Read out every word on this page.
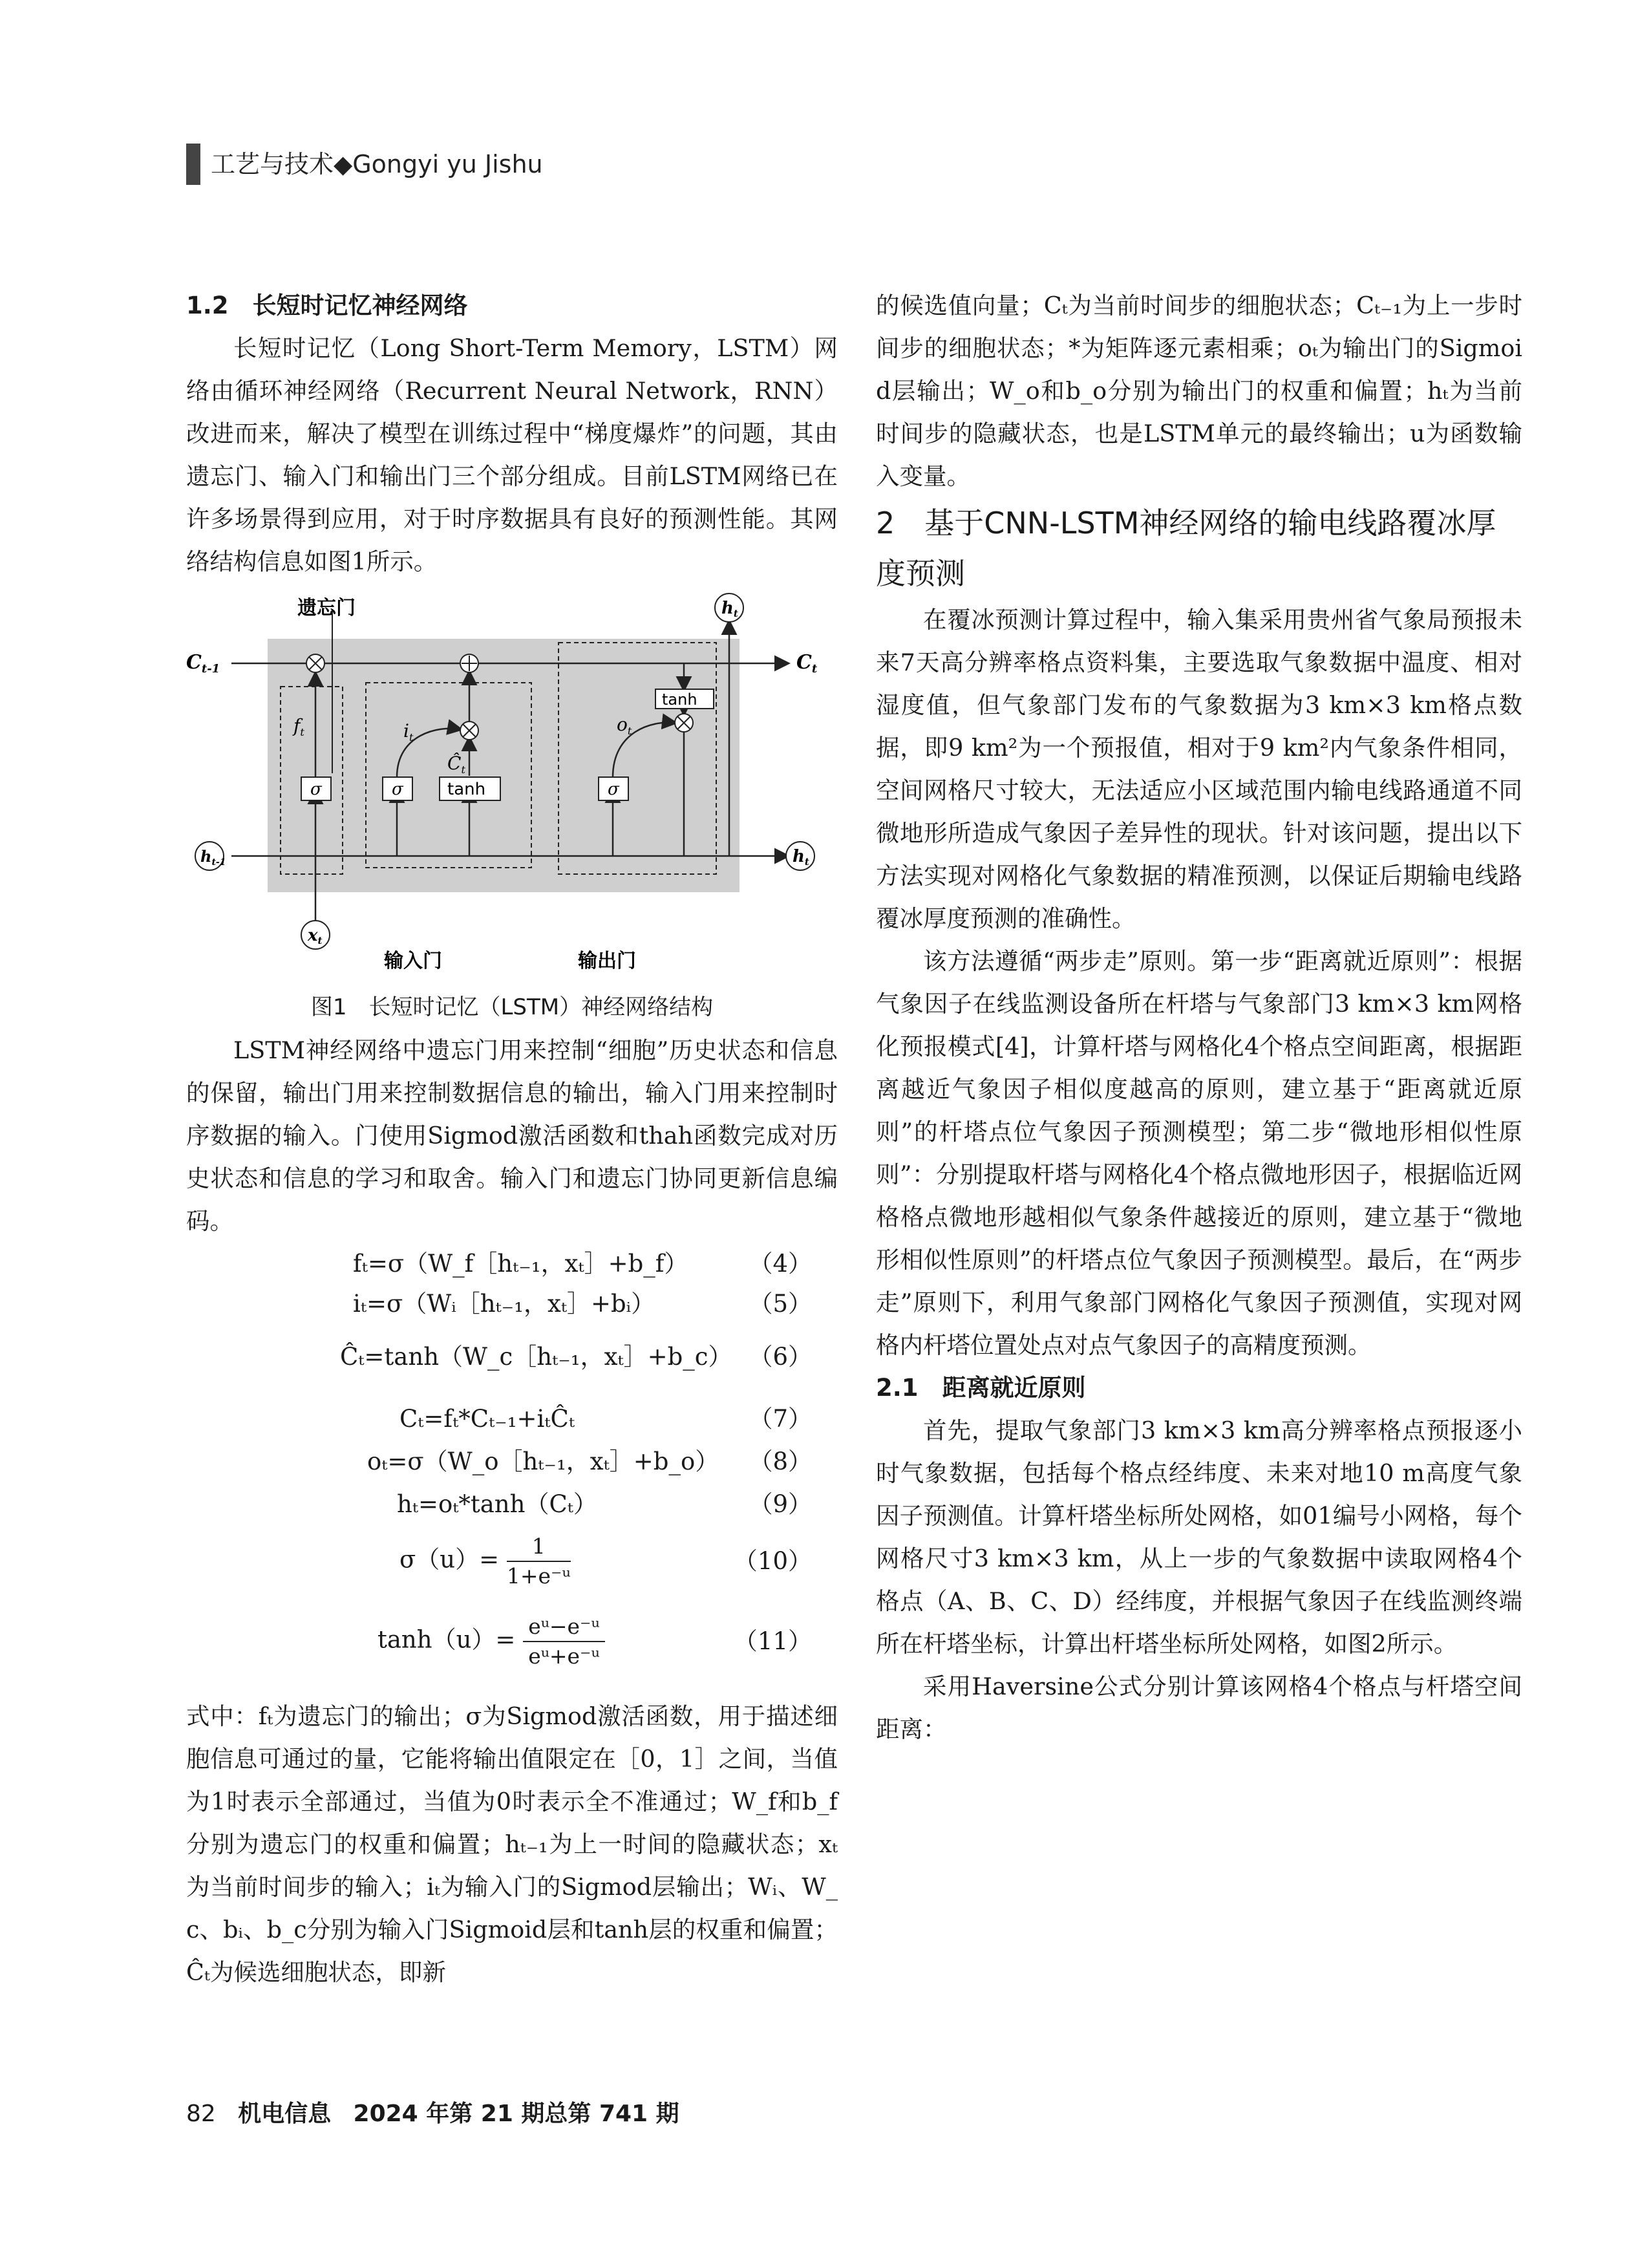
工艺与技术◆Gongyi yu Jishu
1.2　长短时记忆神经网络

长短时记忆（Long Short-Term Memory，LSTM）网络由循环神经网络（Recurrent Neural Network，RNN）改进而来，解决了模型在训练过程中“梯度爆炸”的问题，其由遗忘门、输入门和输出门三个部分组成。目前LSTM网络已在许多场景得到应用，对于时序数据具有良好的预测性能。其网络结构信息如图1所示。

遗忘门
输入门	输出门
$C_{t-1}$	$C_t$
$h_{t-1}$	ht
ht
xt
$f_t$	$i_t$
$o_t$
$Ĉ_t$
σ	σ	σ
tanh
tanh
图1　长短时记忆（LSTM）神经网络结构

LSTM神经网络中遗忘门用来控制“细胞”历史状态和信息的保留，输出门用来控制数据信息的输出，输入门用来控制时序数据的输入。门使用Sigmod激活函数和thah函数完成对历史状态和信息的学习和取舍。输入门和遗忘门协同更新信息编码。

fₜ=σ（W_f［hₜ₋₁，xₜ］+b_f）	（4）
iₜ=σ（Wᵢ［hₜ₋₁，xₜ］+bᵢ）	（5）
Ĉₜ=tanh（W_c［hₜ₋₁，xₜ］+b_c） （6）
Cₜ=fₜ*Cₜ₋₁+iₜĈₜ	（7）
oₜ=σ（W_o［hₜ₋₁，xₜ］+b_o） （8）
hₜ=oₜ*tanh（Cₜ）	（9）
$\sigma(u)= \frac{1}{\text{1+e⁻ᵘ}}$	（10）
$\tanh(u)= \frac{\text{eᵘ−e⁻ᵘ}}{\text{eᵘ+e⁻ᵘ}}$	（11）

式中：fₜ为遗忘门的输出；σ为Sigmod激活函数，用于描述细胞信息可通过的量，它能将输出值限定在［0，1］之间，当值为1时表示全部通过，当值为0时表示全不准通过；W_f和b_f分别为遗忘门的权重和偏置；hₜ₋₁为上一时间的隐藏状态；xₜ为当前时间步的输入；iₜ为输入门的Sigmod层输出；Wᵢ、W_c、bᵢ、b_c分别为输入门Sigmoid层和tanh层的权重和偏置；Ĉₜ为候选细胞状态，即新

的候选值向量；Cₜ为当前时间步的细胞状态；Cₜ₋₁为上一步时间步的细胞状态；*为矩阵逐元素相乘；oₜ为输出门的Sigmoid层输出；W_o和b_o分别为输出门的权重和偏置；hₜ为当前时间步的隐藏状态，也是LSTM单元的最终输出；u为函数输入变量。

2　基于CNN-LSTM神经网络的输电线路覆冰厚度预测

在覆冰预测计算过程中，输入集采用贵州省气象局预报未来7天高分辨率格点资料集，主要选取气象数据中温度、相对湿度值，但气象部门发布的气象数据为3 km×3 km格点数据，即9 km²为一个预报值，相对于9 km²内气象条件相同，空间网格尺寸较大，无法适应小区域范围内输电线路通道不同微地形所造成气象因子差异性的现状。针对该问题，提出以下方法实现对网格化气象数据的精准预测，以保证后期输电线路覆冰厚度预测的准确性。

该方法遵循“两步走”原则。第一步“距离就近原则”：根据气象因子在线监测设备所在杆塔与气象部门3 km×3 km网格化预报模式[4]，计算杆塔与网格化4个格点空间距离，根据距离越近气象因子相似度越高的原则，建立基于“距离就近原则”的杆塔点位气象因子预测模型；第二步“微地形相似性原则”：分别提取杆塔与网格化4个格点微地形因子，根据临近网格格点微地形越相似气象条件越接近的原则，建立基于“微地形相似性原则”的杆塔点位气象因子预测模型。最后，在“两步走”原则下，利用气象部门网格化气象因子预测值，实现对网格内杆塔位置处点对点气象因子的高精度预测。

2.1　距离就近原则

首先，提取气象部门3 km×3 km高分辨率格点预报逐小时气象数据，包括每个格点经纬度、未来对地10 m高度气象因子预测值。计算杆塔坐标所处网格，如01编号小网格，每个网格尺寸3 km×3 km，从上一步的气象数据中读取网格4个格点（A、B、C、D）经纬度，并根据气象因子在线监测终端所在杆塔坐标，计算出杆塔坐标所处网格，如图2所示。

采用Haversine公式分别计算该网格4个格点与杆塔空间距离：

82 机电信息 2024 年第 21 期总第 741 期
